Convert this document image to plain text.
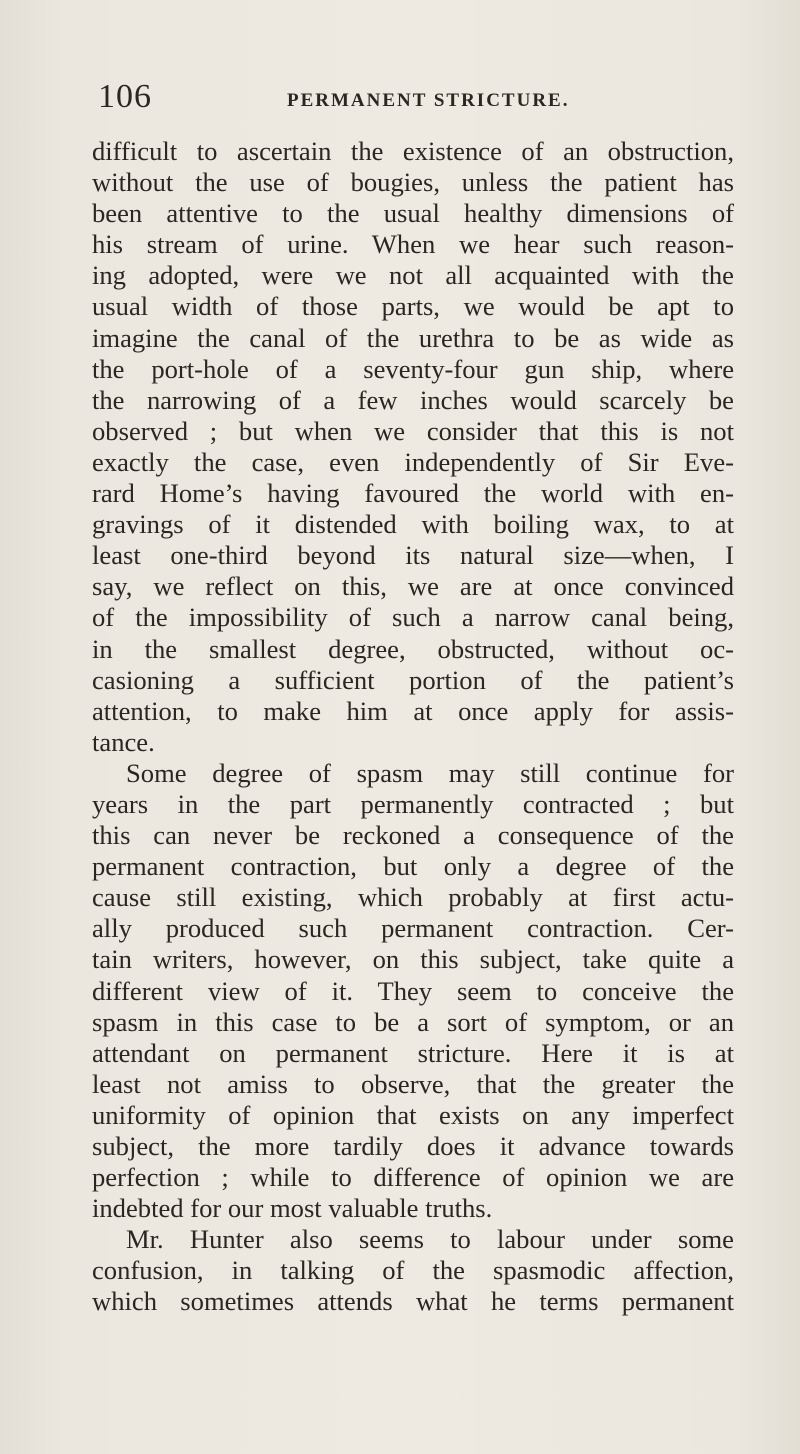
106	PERMANENT STRICTURE.
difficult to ascertain the existence of an obstruction,
without the use of bougies, unless the patient has
been attentive to the usual healthy dimensions of
his stream of urine. When we hear such reason-
ing adopted, were we not all acquainted with the
usual width of those parts, we would be apt to
imagine the canal of the urethra to be as wide as
the port-hole of a seventy-four gun ship, where
the narrowing of a few inches would scarcely be
observed ; but when we consider that this is not
exactly the case, even independently of Sir Eve-
rard Home’s having favoured the world with en-
gravings of it distended with boiling wax, to at
least one-third beyond its natural size—when, I
say, we reflect on this, we are at once convinced
of the impossibility of such a narrow canal being,
in the smallest degree, obstructed, without oc-
casioning a sufficient portion of the patient’s
attention, to make him at once apply for assis-
tance.
Some degree of spasm may still continue for
years in the part permanently contracted ; but
this can never be reckoned a consequence of the
permanent contraction, but only a degree of the
cause still existing, which probably at first actu-
ally produced such permanent contraction. Cer-
tain writers, however, on this subject, take quite a
different view of it. They seem to conceive the
spasm in this case to be a sort of symptom, or an
attendant on permanent stricture. Here it is at
least not amiss to observe, that the greater the
uniformity of opinion that exists on any imperfect
subject, the more tardily does it advance towards
perfection ; while to difference of opinion we are
indebted for our most valuable truths.
Mr. Hunter also seems to labour under some
confusion, in talking of the spasmodic affection,
which sometimes attends what he terms permanent
